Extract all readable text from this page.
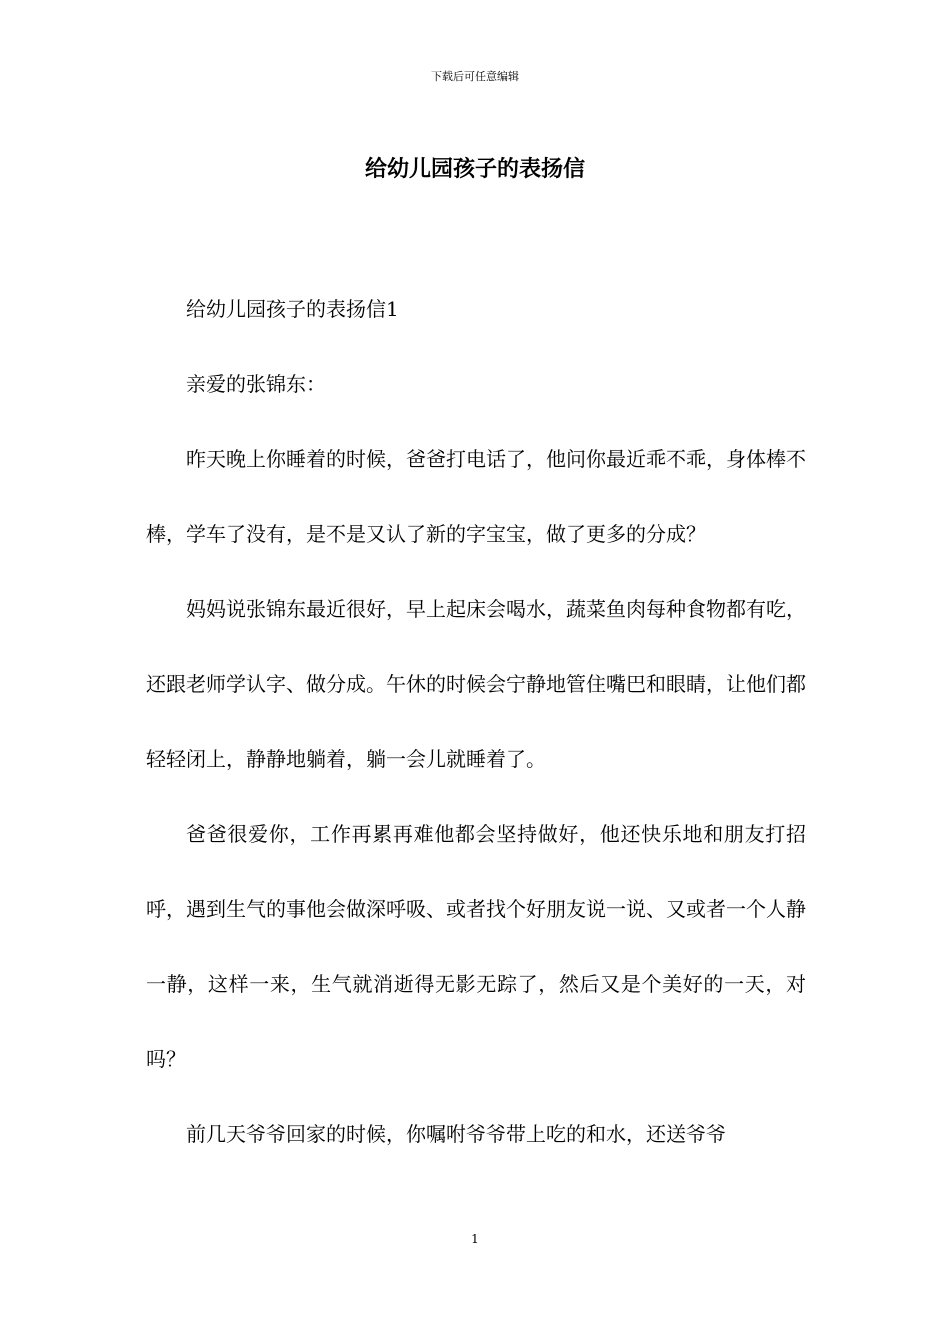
下载后可任意编辑
给幼儿园孩子的表扬信

给幼儿园孩子的表扬信1

亲爱的张锦东：

昨天晚上你睡着的时候，爸爸打电话了，他问你最近乖不乖，身体棒不棒，学车了没有，是不是又认了新的字宝宝，做了更多的分成？

妈妈说张锦东最近很好，早上起床会喝水，蔬菜鱼肉每种食物都有吃，还跟老师学认字、做分成。午休的时候会宁静地管住嘴巴和眼睛，让他们都轻轻闭上，静静地躺着，躺一会儿就睡着了。

爸爸很爱你，工作再累再难他都会坚持做好，他还快乐地和朋友打招呼，遇到生气的事他会做深呼吸、或者找个好朋友说一说、又或者一个人静一静，这样一来，生气就消逝得无影无踪了，然后又是个美好的一天，对吗？

前几天爷爷回家的时候，你嘱咐爷爷带上吃的和水，还送爷爷

1
